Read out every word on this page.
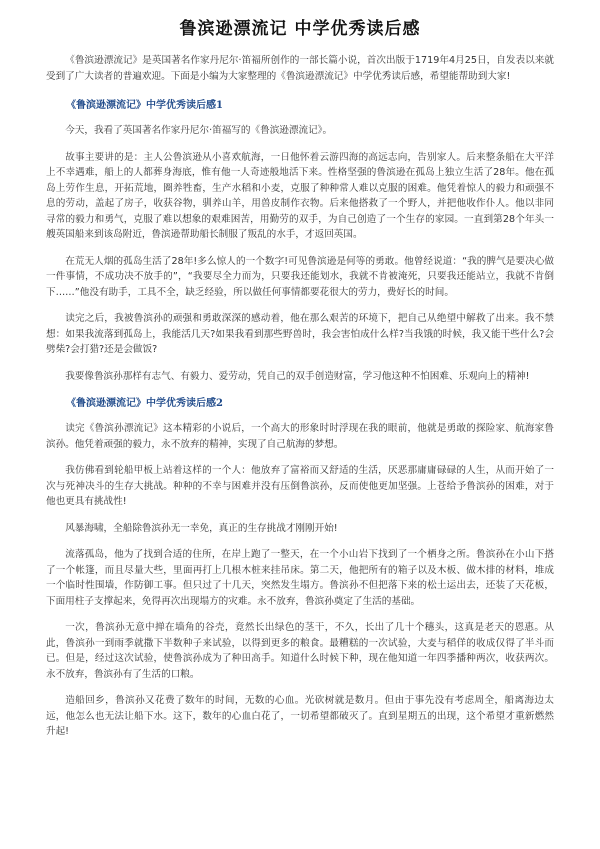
鲁滨逊漂流记 中学优秀读后感

《鲁滨逊漂流记》是英国著名作家丹尼尔·笛福所创作的一部长篇小说，首次出版于1719年4月25日，自发表以来就受到了广大读者的普遍欢迎。下面是小编为大家整理的《鲁滨逊漂流记》中学优秀读后感，希望能帮助到大家!

《鲁滨逊漂流记》中学优秀读后感1

今天，我看了英国著名作家丹尼尔·笛福写的《鲁滨逊漂流记》。

故事主要讲的是：主人公鲁滨逊从小喜欢航海，一日他怀着云游四海的高远志向，告别家人。后来整条船在大平洋上不幸遇难，船上的人都葬身海底，惟有他一人奇迹般地活下来。性格坚强的鲁滨逊在孤岛上独立生活了28年。他在孤岛上劳作生息，开拓荒地，圈养牲畜，生产水稻和小麦，克服了种种常人难以克服的困难。他凭着惊人的毅力和顽强不息的劳动，盖起了房子，收获谷物，驯养山羊，用兽皮制作衣物。后来他搭救了一个野人，并把他收作仆人。他以非同寻常的毅力和勇气，克服了难以想象的艰难困苦，用勤劳的双手，为自己创造了一个生存的家园。一直到第28个年头一艘英国船来到该岛附近，鲁滨逊帮助船长制服了叛乱的水手，才返回英国。

在荒无人烟的孤岛生活了28年!多么惊人的一个数字!可见鲁滨逊是何等的勇敢。他曾经说道：“我的脾气是要决心做一件事情，不成功决不放手的”，“我要尽全力而为，只要我还能划水，我就不肯被淹死，只要我还能站立，我就不肯倒下……”他没有助手，工具不全，缺乏经验，所以做任何事情都要花很大的劳力，费好长的时间。

读完之后，我被鲁滨孙的顽强和勇敢深深的感动着，他在那么艰苦的环境下，把自己从绝望中解救了出来。我不禁想：如果我流落到孤岛上，我能活几天?如果我看到那些野兽时，我会害怕成什么样?当我饿的时候，我又能干些什么?会劈柴?会打猎?还是会做饭?

我要像鲁滨孙那样有志气、有毅力、爱劳动，凭自己的双手创造财富，学习他这种不怕困难、乐观向上的精神!

《鲁滨逊漂流记》中学优秀读后感2

读完《鲁滨孙漂流记》这本精彩的小说后，一个高大的形象时时浮现在我的眼前，他就是勇敢的探险家、航海家鲁滨孙。他凭着顽强的毅力，永不放弃的精神，实现了自己航海的梦想。

我仿佛看到轮船甲板上站着这样的一个人：他放弃了富裕而又舒适的生活，厌恶那庸庸碌碌的人生，从而开始了一次与死神决斗的生存大挑战。种种的不幸与困难并没有压倒鲁滨孙，反而使他更加坚强。上苍给予鲁滨孙的困难，对于他也更具有挑战性!

风暴海啸，全船除鲁滨孙无一幸免，真正的生存挑战才刚刚开始!

流落孤岛，他为了找到合适的住所，在岸上跑了一整天，在一个小山岩下找到了一个栖身之所。鲁滨孙在小山下搭了一个帐篷，而且尽量大些，里面再打上几根木桩来挂吊床。第二天，他把所有的箱子以及木板、做木排的材料，堆成一个临时性围墙，作防御工事。但只过了十几天，突然发生塌方。鲁滨孙不但把落下来的松土运出去，还装了天花板，下面用柱子支撑起来，免得再次出现塌方的灾难。永不放弃，鲁滨孙奠定了生活的基础。

一次，鲁滨孙无意中掸在墙角的谷壳，竟然长出绿色的茎干，不久，长出了几十个穗头，这真是老天的恩惠。从此，鲁滨孙一到雨季就撒下半数种子来试验，以得到更多的粮食。最糟糕的一次试验，大麦与稻佯的收成仅得了半斗而已。但是，经过这次试验，使鲁滨孙成为了种田高手。知道什么时候下种，现在他知道一年四季播种两次，收获两次。永不放弃，鲁滨孙有了生活的口粮。

造船回乡，鲁滨孙又花费了数年的时间，无数的心血。光砍树就是数月。但由于事先没有考虑周全，船离海边太远，他怎么也无法让船下水。这下，数年的心血白花了，一切希望都破灭了。直到星期五的出现，这个希望才重新燃然升起!
